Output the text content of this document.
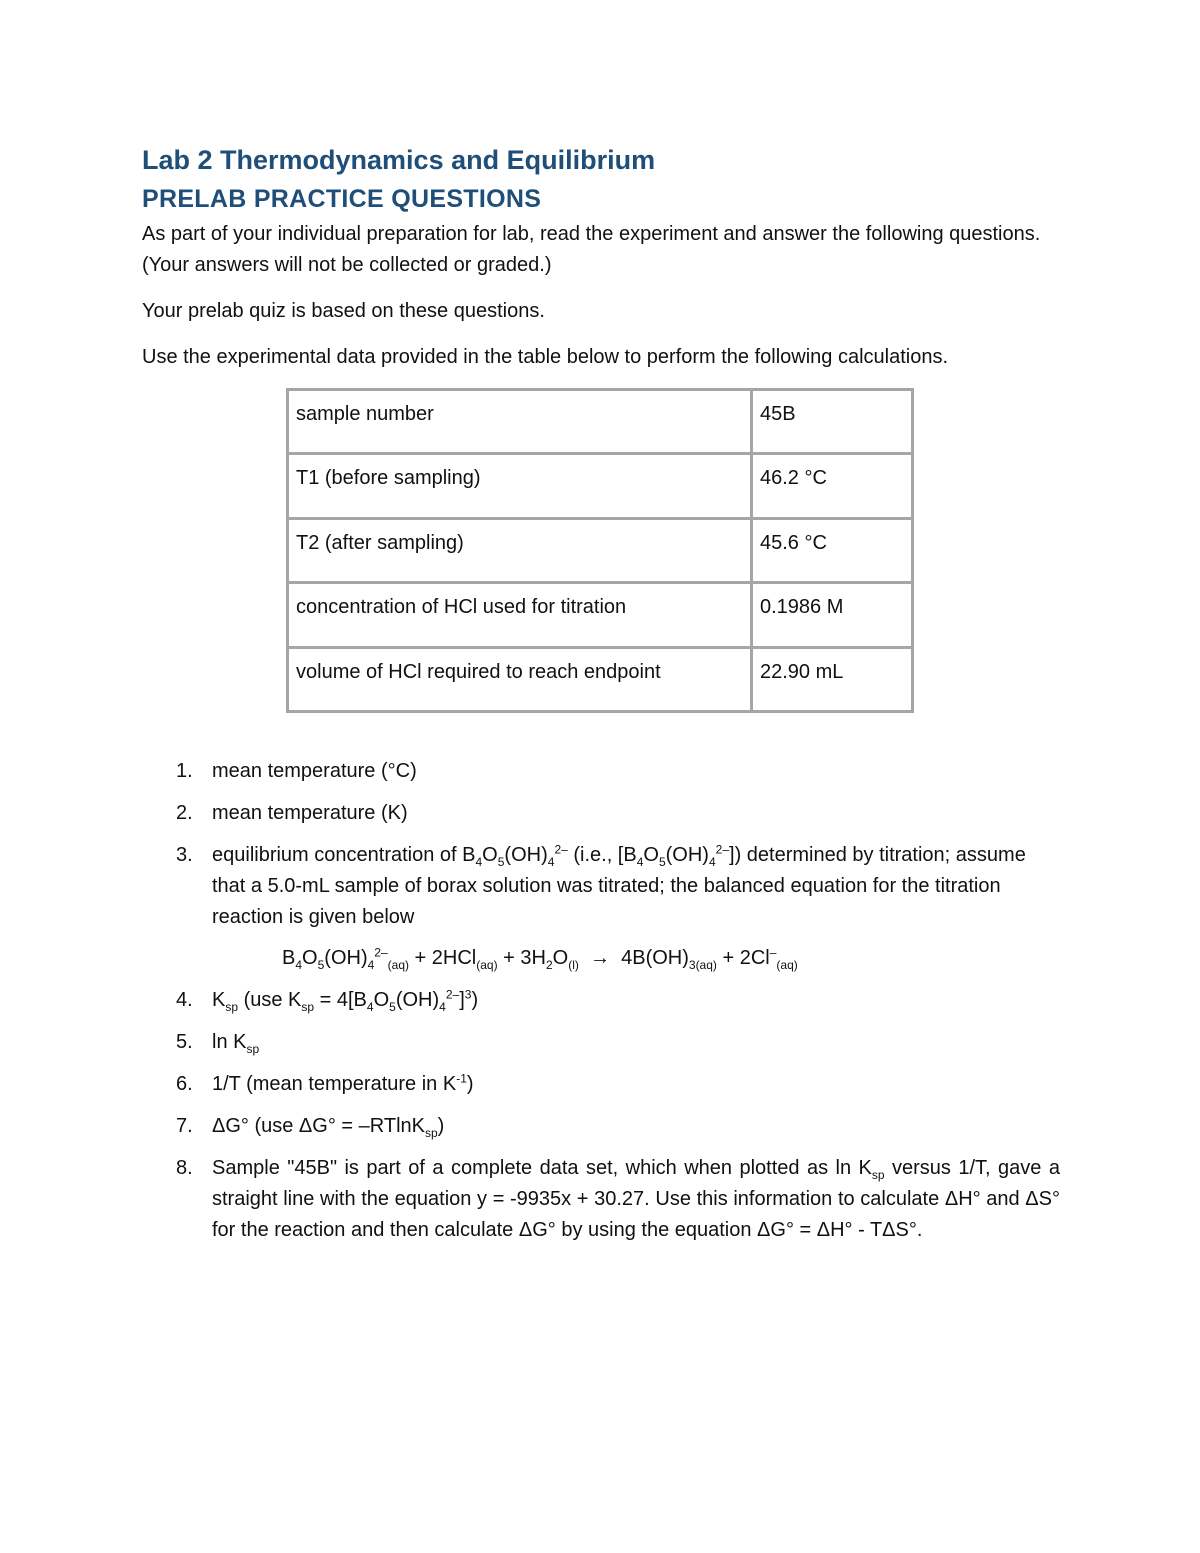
Lab 2 Thermodynamics and Equilibrium
PRELAB PRACTICE QUESTIONS

As part of your individual preparation for lab, read the experiment and answer the following questions. (Your answers will not be collected or graded.)

Your prelab quiz is based on these questions.

Use the experimental data provided in the table below to perform the following calculations.

sample number	45B
T1 (before sampling)	46.2 °C
T2 (after sampling)	45.6 °C
concentration of HCl used for titration	0.1986 M
volume of HCl required to reach endpoint	22.90 mL
1. mean temperature (°C)
2. mean temperature (K)
3. equilibrium concentration of $B_4O_5(OH)_4^{2-}$ (i.e., $[B_4O_5(OH)_4^{2-}]$) determined by titration; assume that a 5.0-mL sample of borax solution was titrated; the balanced equation for the titration reaction is given below
$B_4O_5(OH)_4^{2-}_{(aq)} + 2HCl_{(aq)} + 3H_2O_{(l)} \to 4B(OH)_{3(aq)} + 2Cl^-_{(aq)}$
4. $K_{sp}$ (use $K_{sp} = 4[B_4O_5(OH)_4^{2-}]^3$)
5. $\ln K_{sp}$
6. 1/T (mean temperature in $K^{-1}$)
7. ΔG° (use ΔG° = –RTlnK$_{sp}$)
8. Sample "45B" is part of a complete data set, which when plotted as $\ln K_{sp}$ versus 1/T, gave a straight line with the equation y = -9935x + 30.27. Use this information to calculate ΔH° and ΔS° for the reaction and then calculate ΔG° by using the equation ΔG° = ΔH° - TΔS°.
